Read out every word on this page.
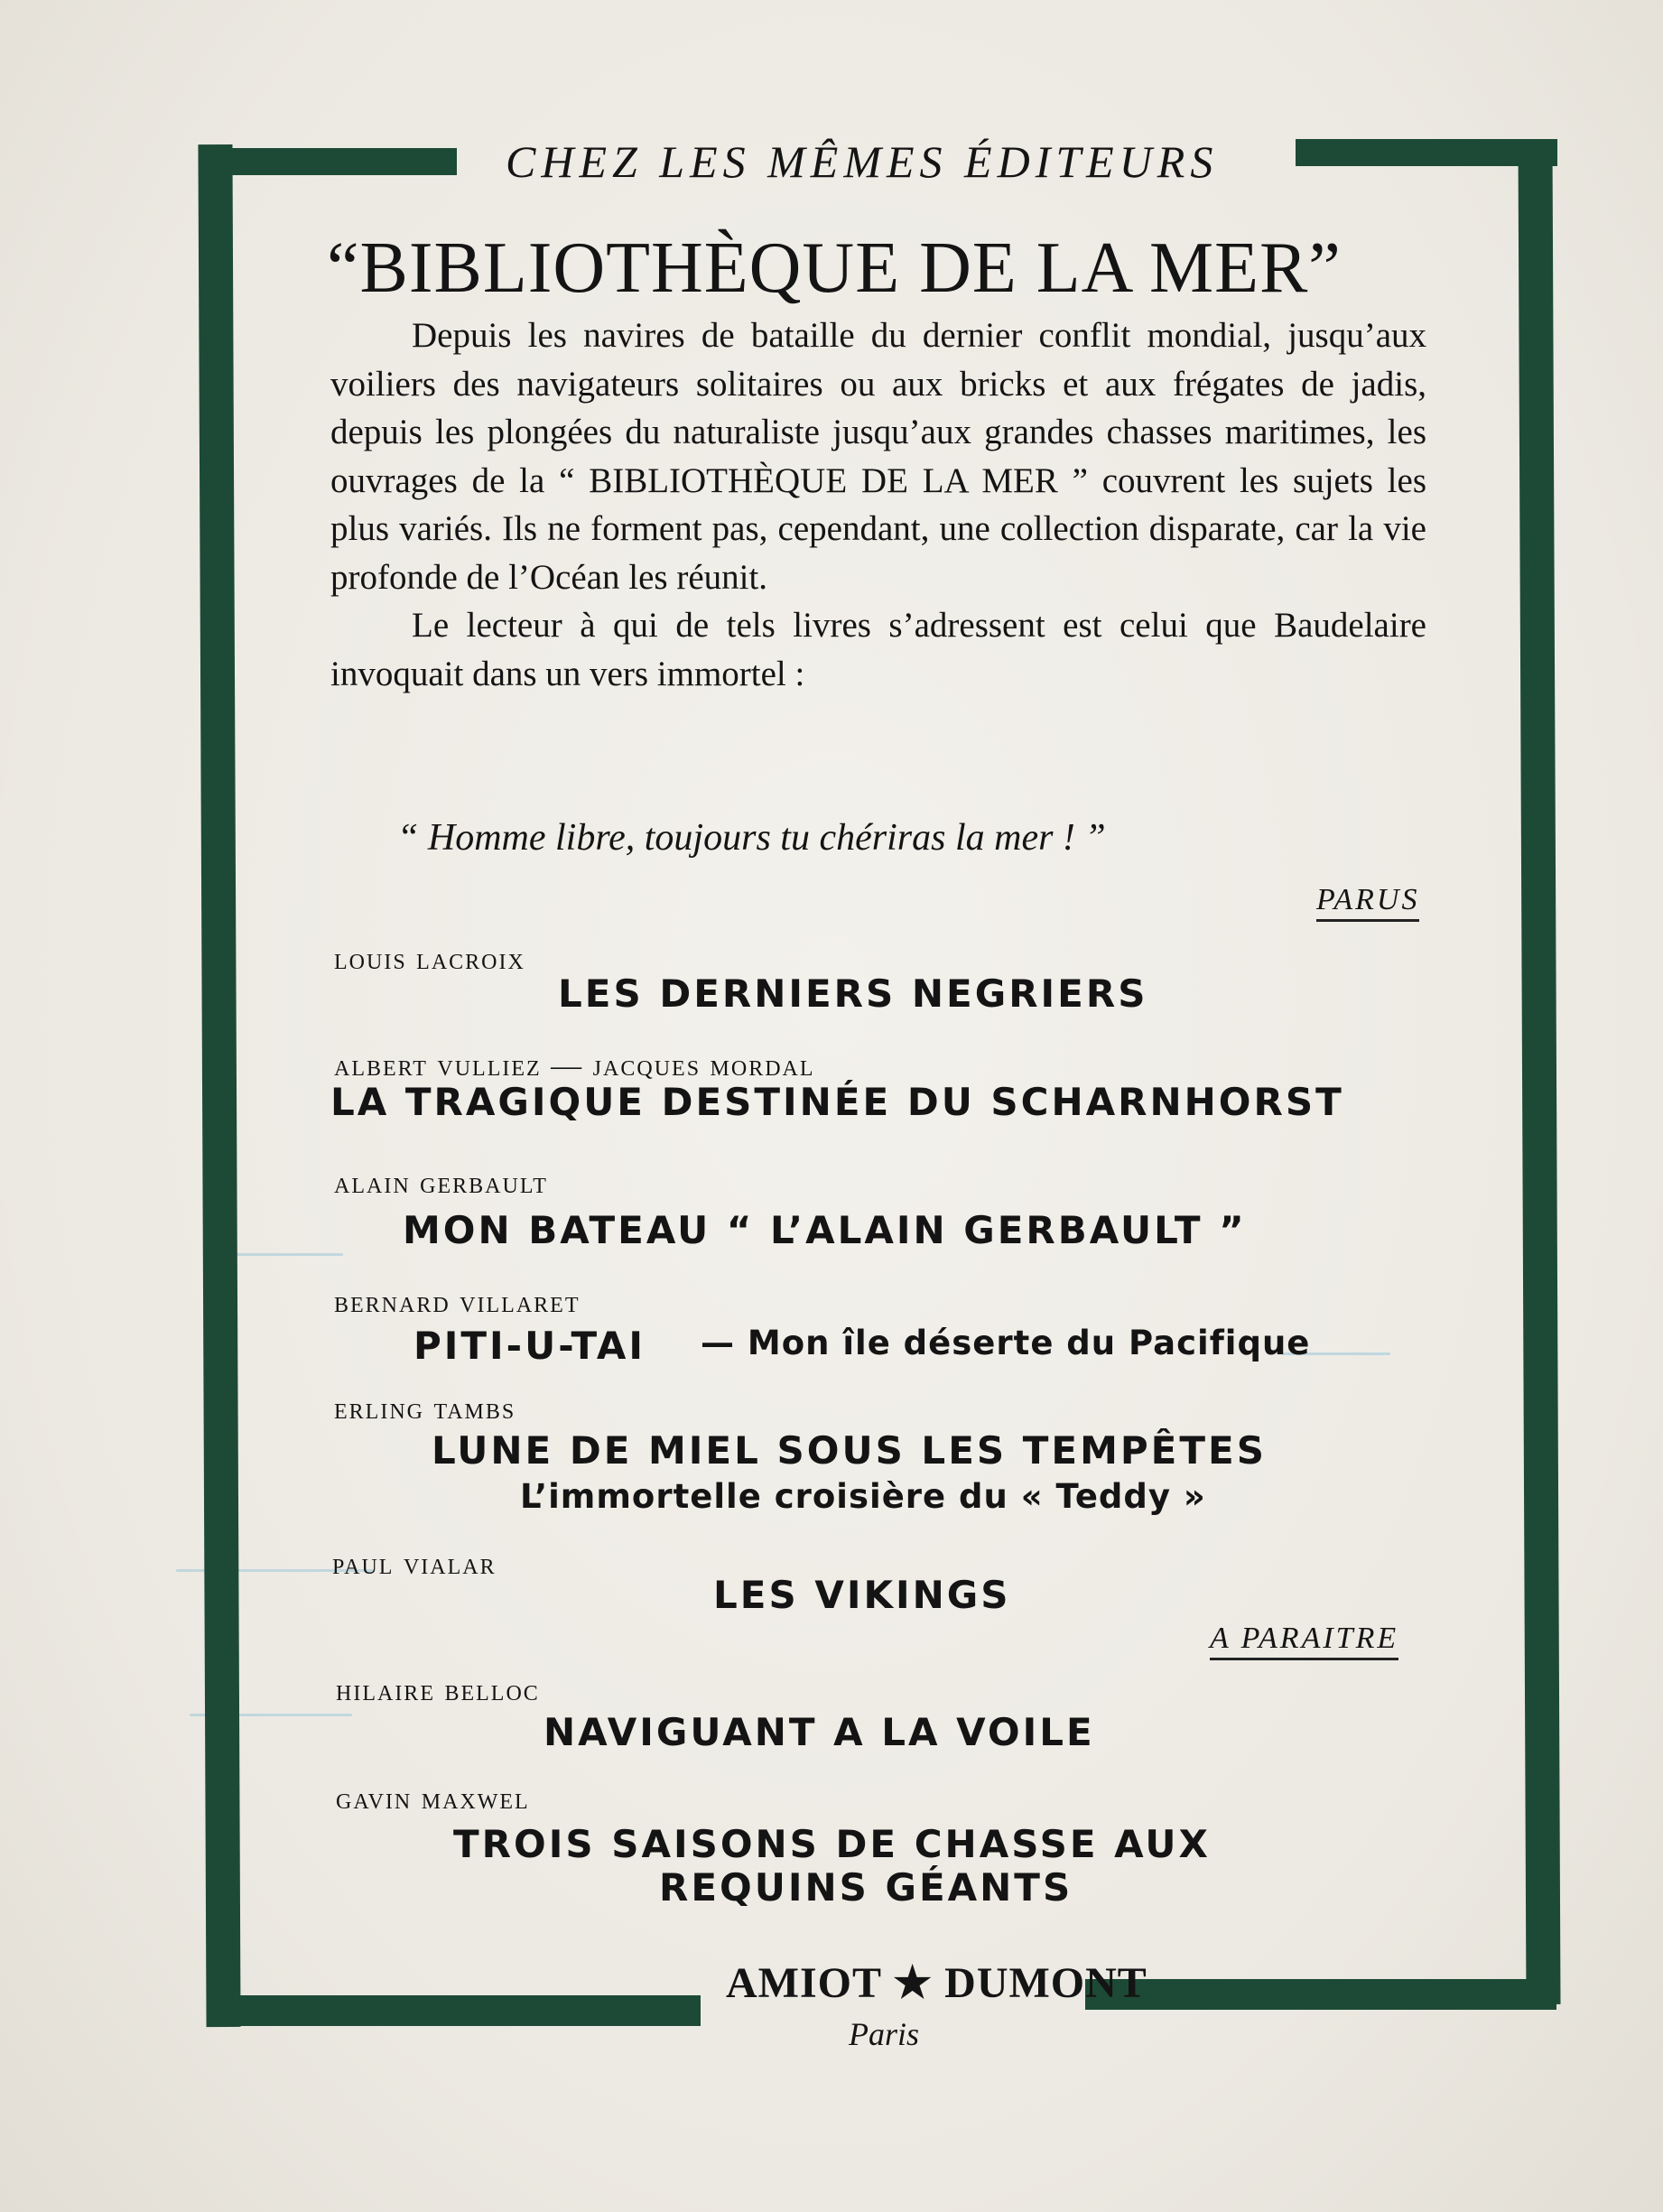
CHEZ LES MÊMES ÉDITEURS
“BIBLIOTHÈQUE DE LA MER”

Depuis les navires de bataille du dernier conflit mondial, jusqu’aux voiliers des navigateurs solitaires ou aux bricks et aux frégates de jadis, depuis les plongées du naturaliste jusqu’aux grandes chasses maritimes, les ouvrages de la “ BIBLIOTHÈQUE DE LA MER ” couvrent les sujets les plus variés. Ils ne forment pas, cependant, une collection disparate, car la vie profonde de l’Océan les réunit.

Le lecteur à qui de tels livres s’adressent est celui que Baudelaire invoquait dans un vers immortel :

“ Homme libre, toujours tu chériras la mer ! ”
PARUS
A PARAITRE
louis lacroix
LES DERNIERS NEGRIERS
albert vulliez — jacques mordal
LA TRAGIQUE DESTINÉE DU SCHARNHORST
alain gerbault
MON BATEAU “ L’ALAIN GERBAULT ”
bernard villaret
PITI-U-TAI — Mon île déserte du Pacifique
erling tambs
LUNE DE MIEL SOUS LES TEMPÊTES
L’immortelle croisière du « Teddy »
paul vialar
LES VIKINGS
hilaire belloc
NAVIGUANT A LA VOILE
gavin maxwel
TROIS SAISONS DE CHASSE AUX
REQUINS GÉANTS
AMIOT ★ DUMONT
Paris
